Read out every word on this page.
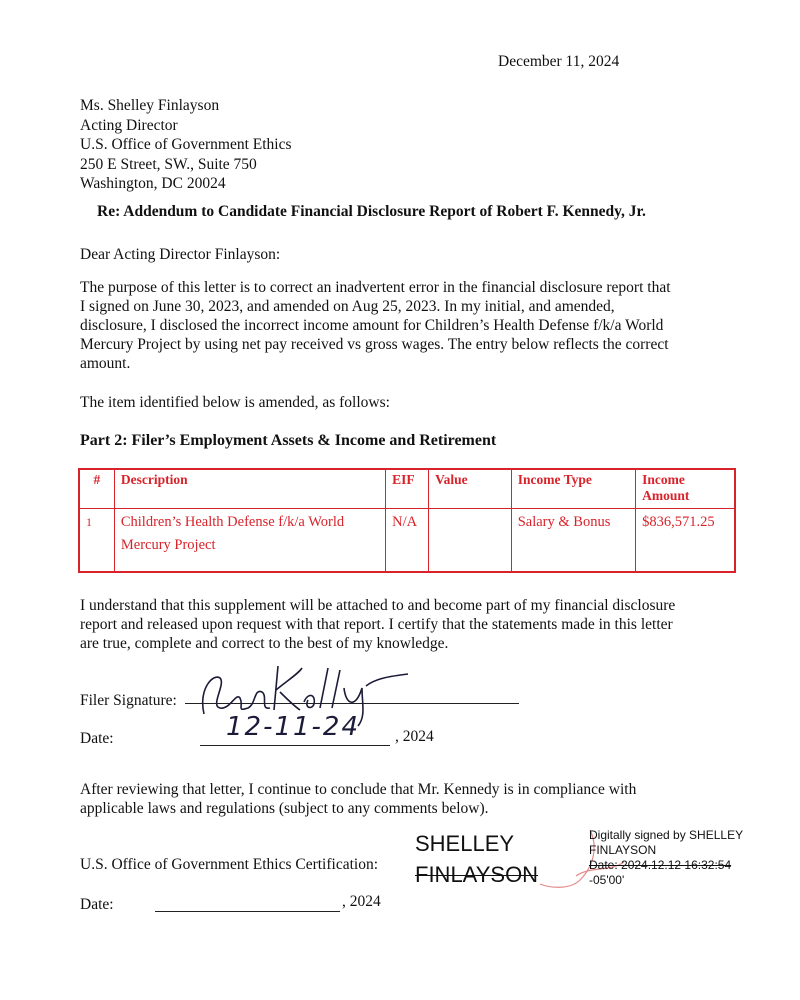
December 11, 2024
Ms. Shelley Finlayson
Acting Director
U.S. Office of Government Ethics
250 E Street, SW., Suite 750
Washington, DC 20024
Re: Addendum to Candidate Financial Disclosure Report of Robert F. Kennedy, Jr.
Dear Acting Director Finlayson:
The purpose of this letter is to correct an inadvertent error in the financial disclosure report that
I signed on June 30, 2023, and amended on Aug 25, 2023. In my initial, and amended,
disclosure, I disclosed the incorrect income amount for Children’s Health Defense f/k/a World
Mercury Project by using net pay received vs gross wages. The entry below reflects the correct
amount.
The item identified below is amended, as follows:
Part 2: Filer’s Employment Assets & Income and Retirement
#	Description	EIF	Value	Income Type	Income Amount
1	Children’s Health Defense f/k/a World Mercury Project	N/A		Salary & Bonus	$836,571.25
I understand that this supplement will be attached to and become part of my financial disclosure
report and released upon request with that report. I certify that the statements made in this letter
are true, complete and correct to the best of my knowledge.
Filer Signature:
Date:	12-11-24 , 2024
After reviewing that letter, I continue to conclude that Mr. Kennedy is in compliance with
applicable laws and regulations (subject to any comments below).
U.S. Office of Government Ethics Certification:
SHELLEY
FINLAYSON
Digitally signed by SHELLEY
FINLAYSON
Date: 2024.12.12 16:32:54
-05'00'
Date:	, 2024
